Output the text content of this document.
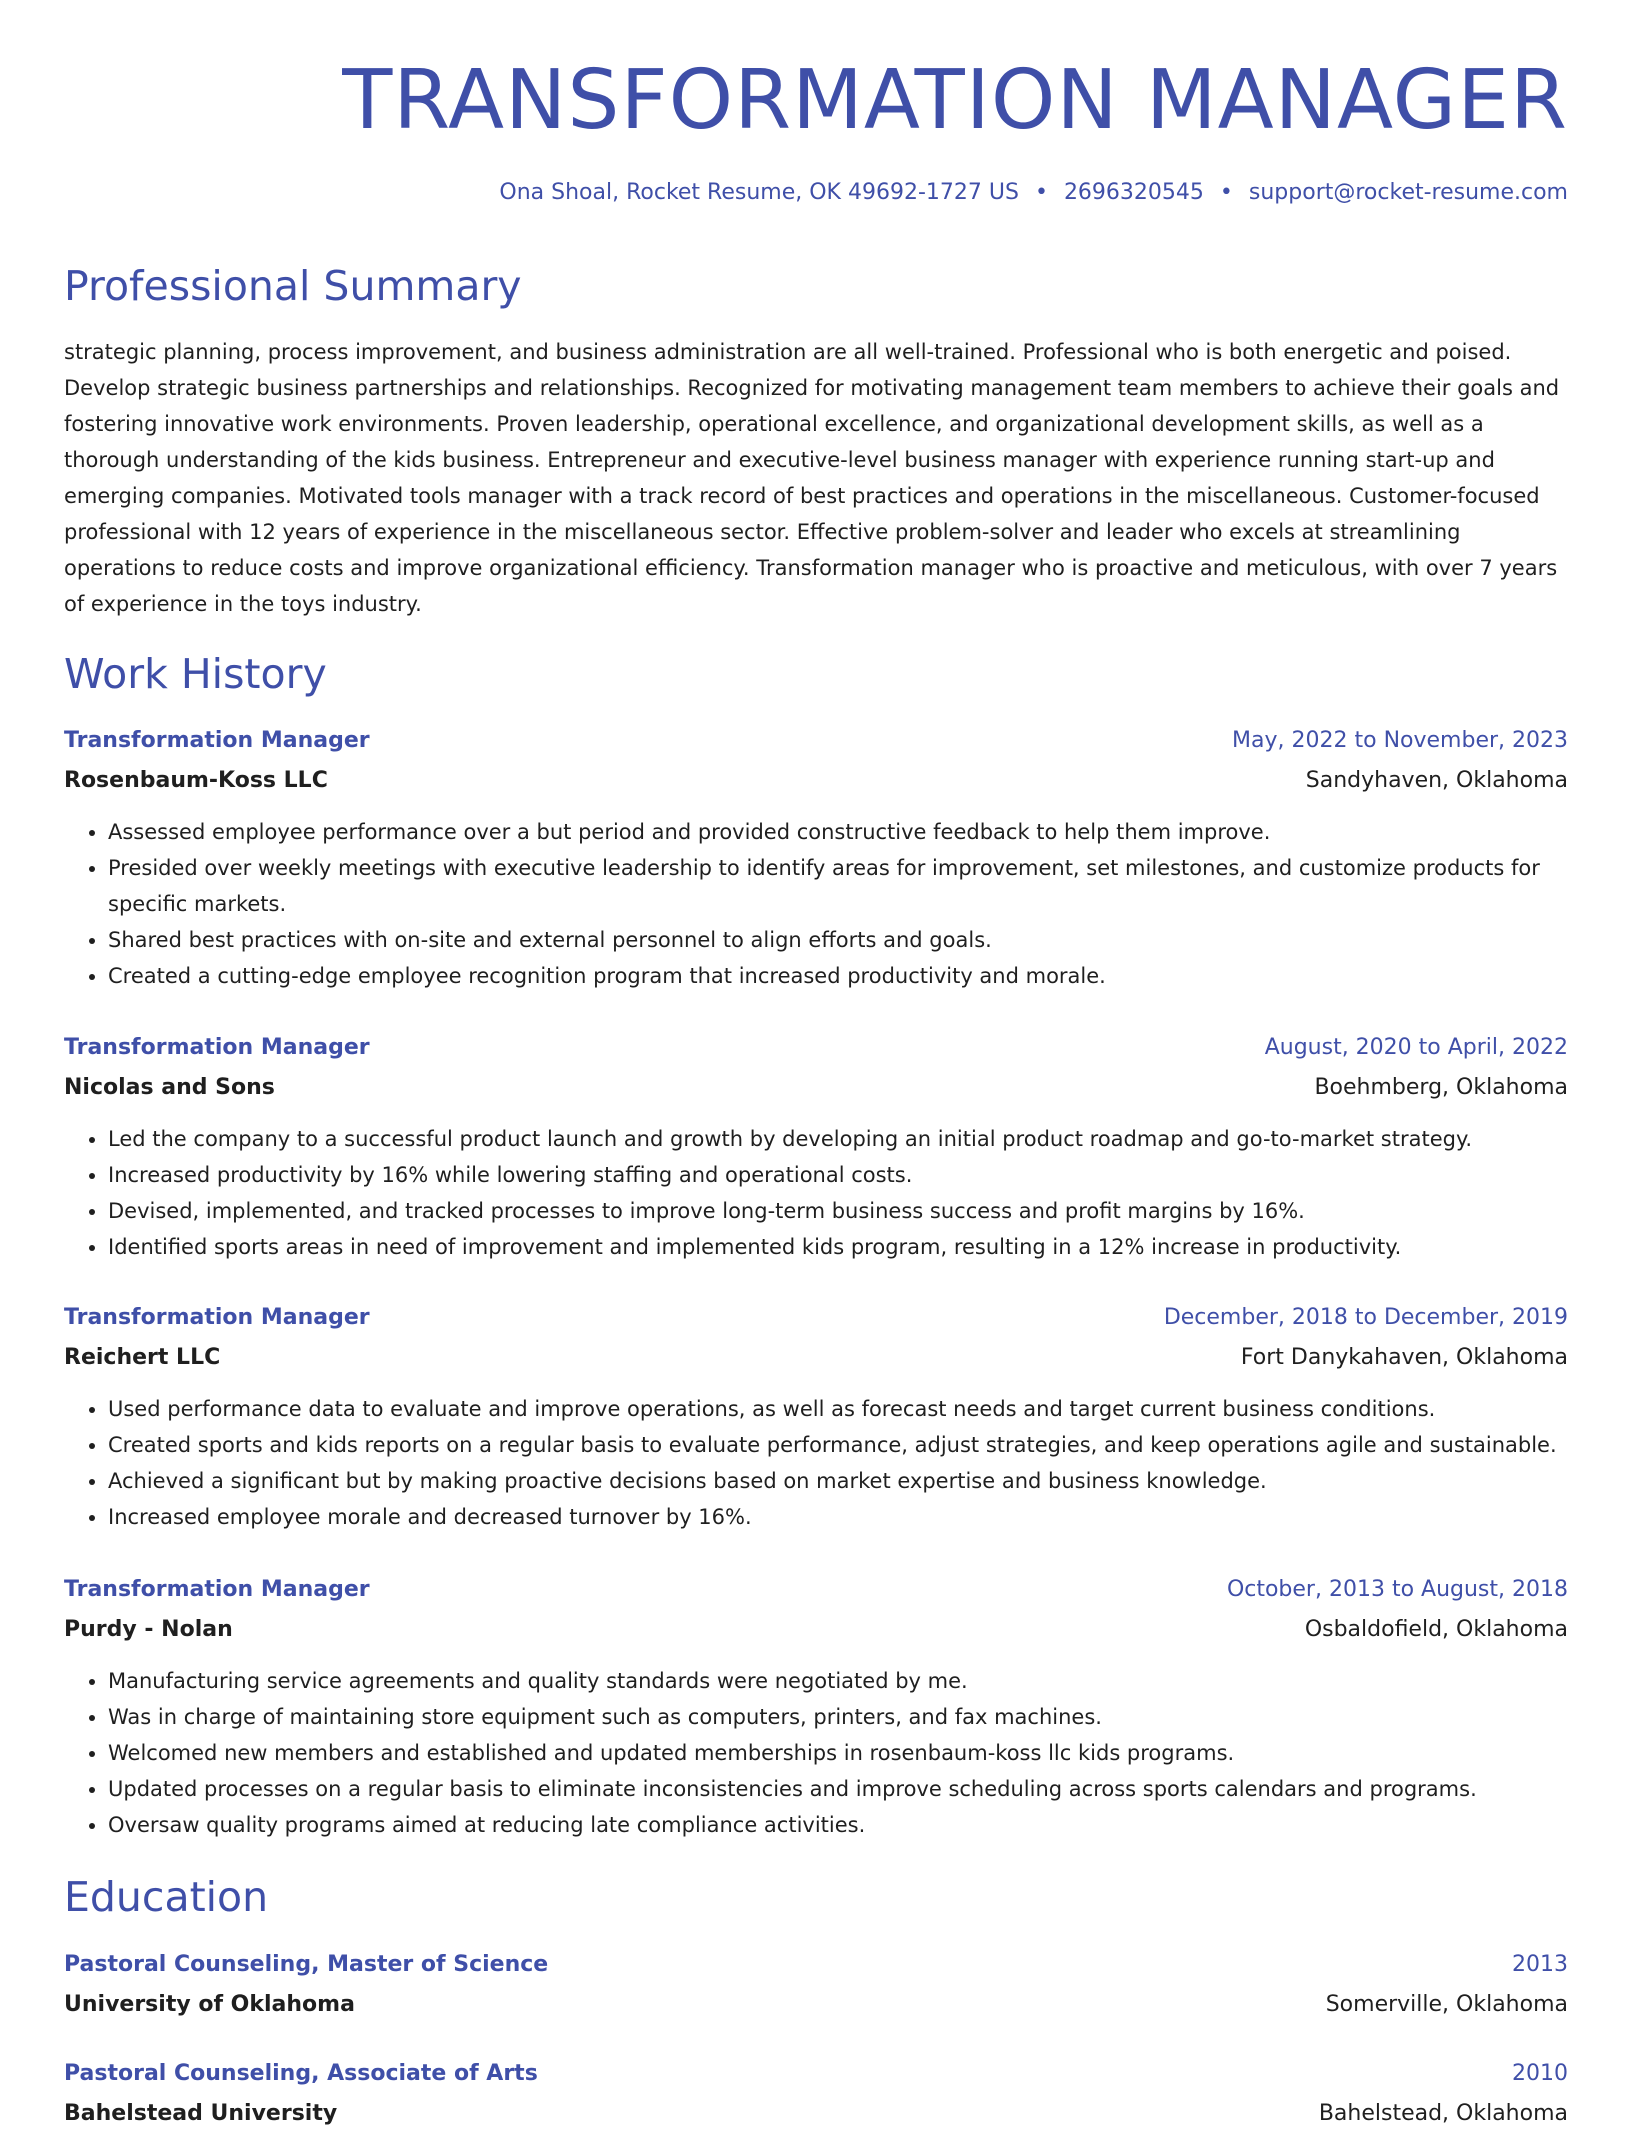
TRANSFORMATION MANAGER
Ona Shoal, Rocket Resume, OK 49692-1727 US • 2696320545 • support@rocket-resume.com
Professional Summary

strategic planning, process improvement, and business administration are all well-trained. Professional who is both energetic and poised. Develop strategic business partnerships and relationships. Recognized for motivating management team members to achieve their goals and fostering innovative work environments. Proven leadership, operational excellence, and organizational development skills, as well as a thorough understanding of the kids business. Entrepreneur and executive-level business manager with experience running start-up and emerging companies. Motivated tools manager with a track record of best practices and operations in the miscellaneous. Customer-focused professional with 12 years of experience in the miscellaneous sector. Effective problem-solver and leader who excels at streamlining operations to reduce costs and improve organizational efficiency. Transformation manager who is proactive and meticulous, with over 7 years of experience in the toys industry.

Work History
Transformation Manager	May, 2022 to November, 2023
Rosenbaum-Koss LLC	Sandyhaven, Oklahoma
• Assessed employee performance over a but period and provided constructive feedback to help them improve.
• Presided over weekly meetings with executive leadership to identify areas for improvement, set milestones, and customize products for specific markets.
• Shared best practices with on-site and external personnel to align efforts and goals.
• Created a cutting-edge employee recognition program that increased productivity and morale.
Transformation Manager	August, 2020 to April, 2022
Nicolas and Sons	Boehmberg, Oklahoma
• Led the company to a successful product launch and growth by developing an initial product roadmap and go-to-market strategy.
• Increased productivity by 16% while lowering staffing and operational costs.
• Devised, implemented, and tracked processes to improve long-term business success and profit margins by 16%.
• Identified sports areas in need of improvement and implemented kids program, resulting in a 12% increase in productivity.
Transformation Manager	December, 2018 to December, 2019
Reichert LLC	Fort Danykahaven, Oklahoma
• Used performance data to evaluate and improve operations, as well as forecast needs and target current business conditions.
• Created sports and kids reports on a regular basis to evaluate performance, adjust strategies, and keep operations agile and sustainable.
• Achieved a significant but by making proactive decisions based on market expertise and business knowledge.
• Increased employee morale and decreased turnover by 16%.
Transformation Manager	October, 2013 to August, 2018
Purdy - Nolan	Osbaldofield, Oklahoma
• Manufacturing service agreements and quality standards were negotiated by me.
• Was in charge of maintaining store equipment such as computers, printers, and fax machines.
• Welcomed new members and established and updated memberships in rosenbaum-koss llc kids programs.
• Updated processes on a regular basis to eliminate inconsistencies and improve scheduling across sports calendars and programs.
• Oversaw quality programs aimed at reducing late compliance activities.
Education
Pastoral Counseling, Master of Science	2013
University of Oklahoma	Somerville, Oklahoma
Pastoral Counseling, Associate of Arts	2010
Bahelstead University	Bahelstead, Oklahoma
